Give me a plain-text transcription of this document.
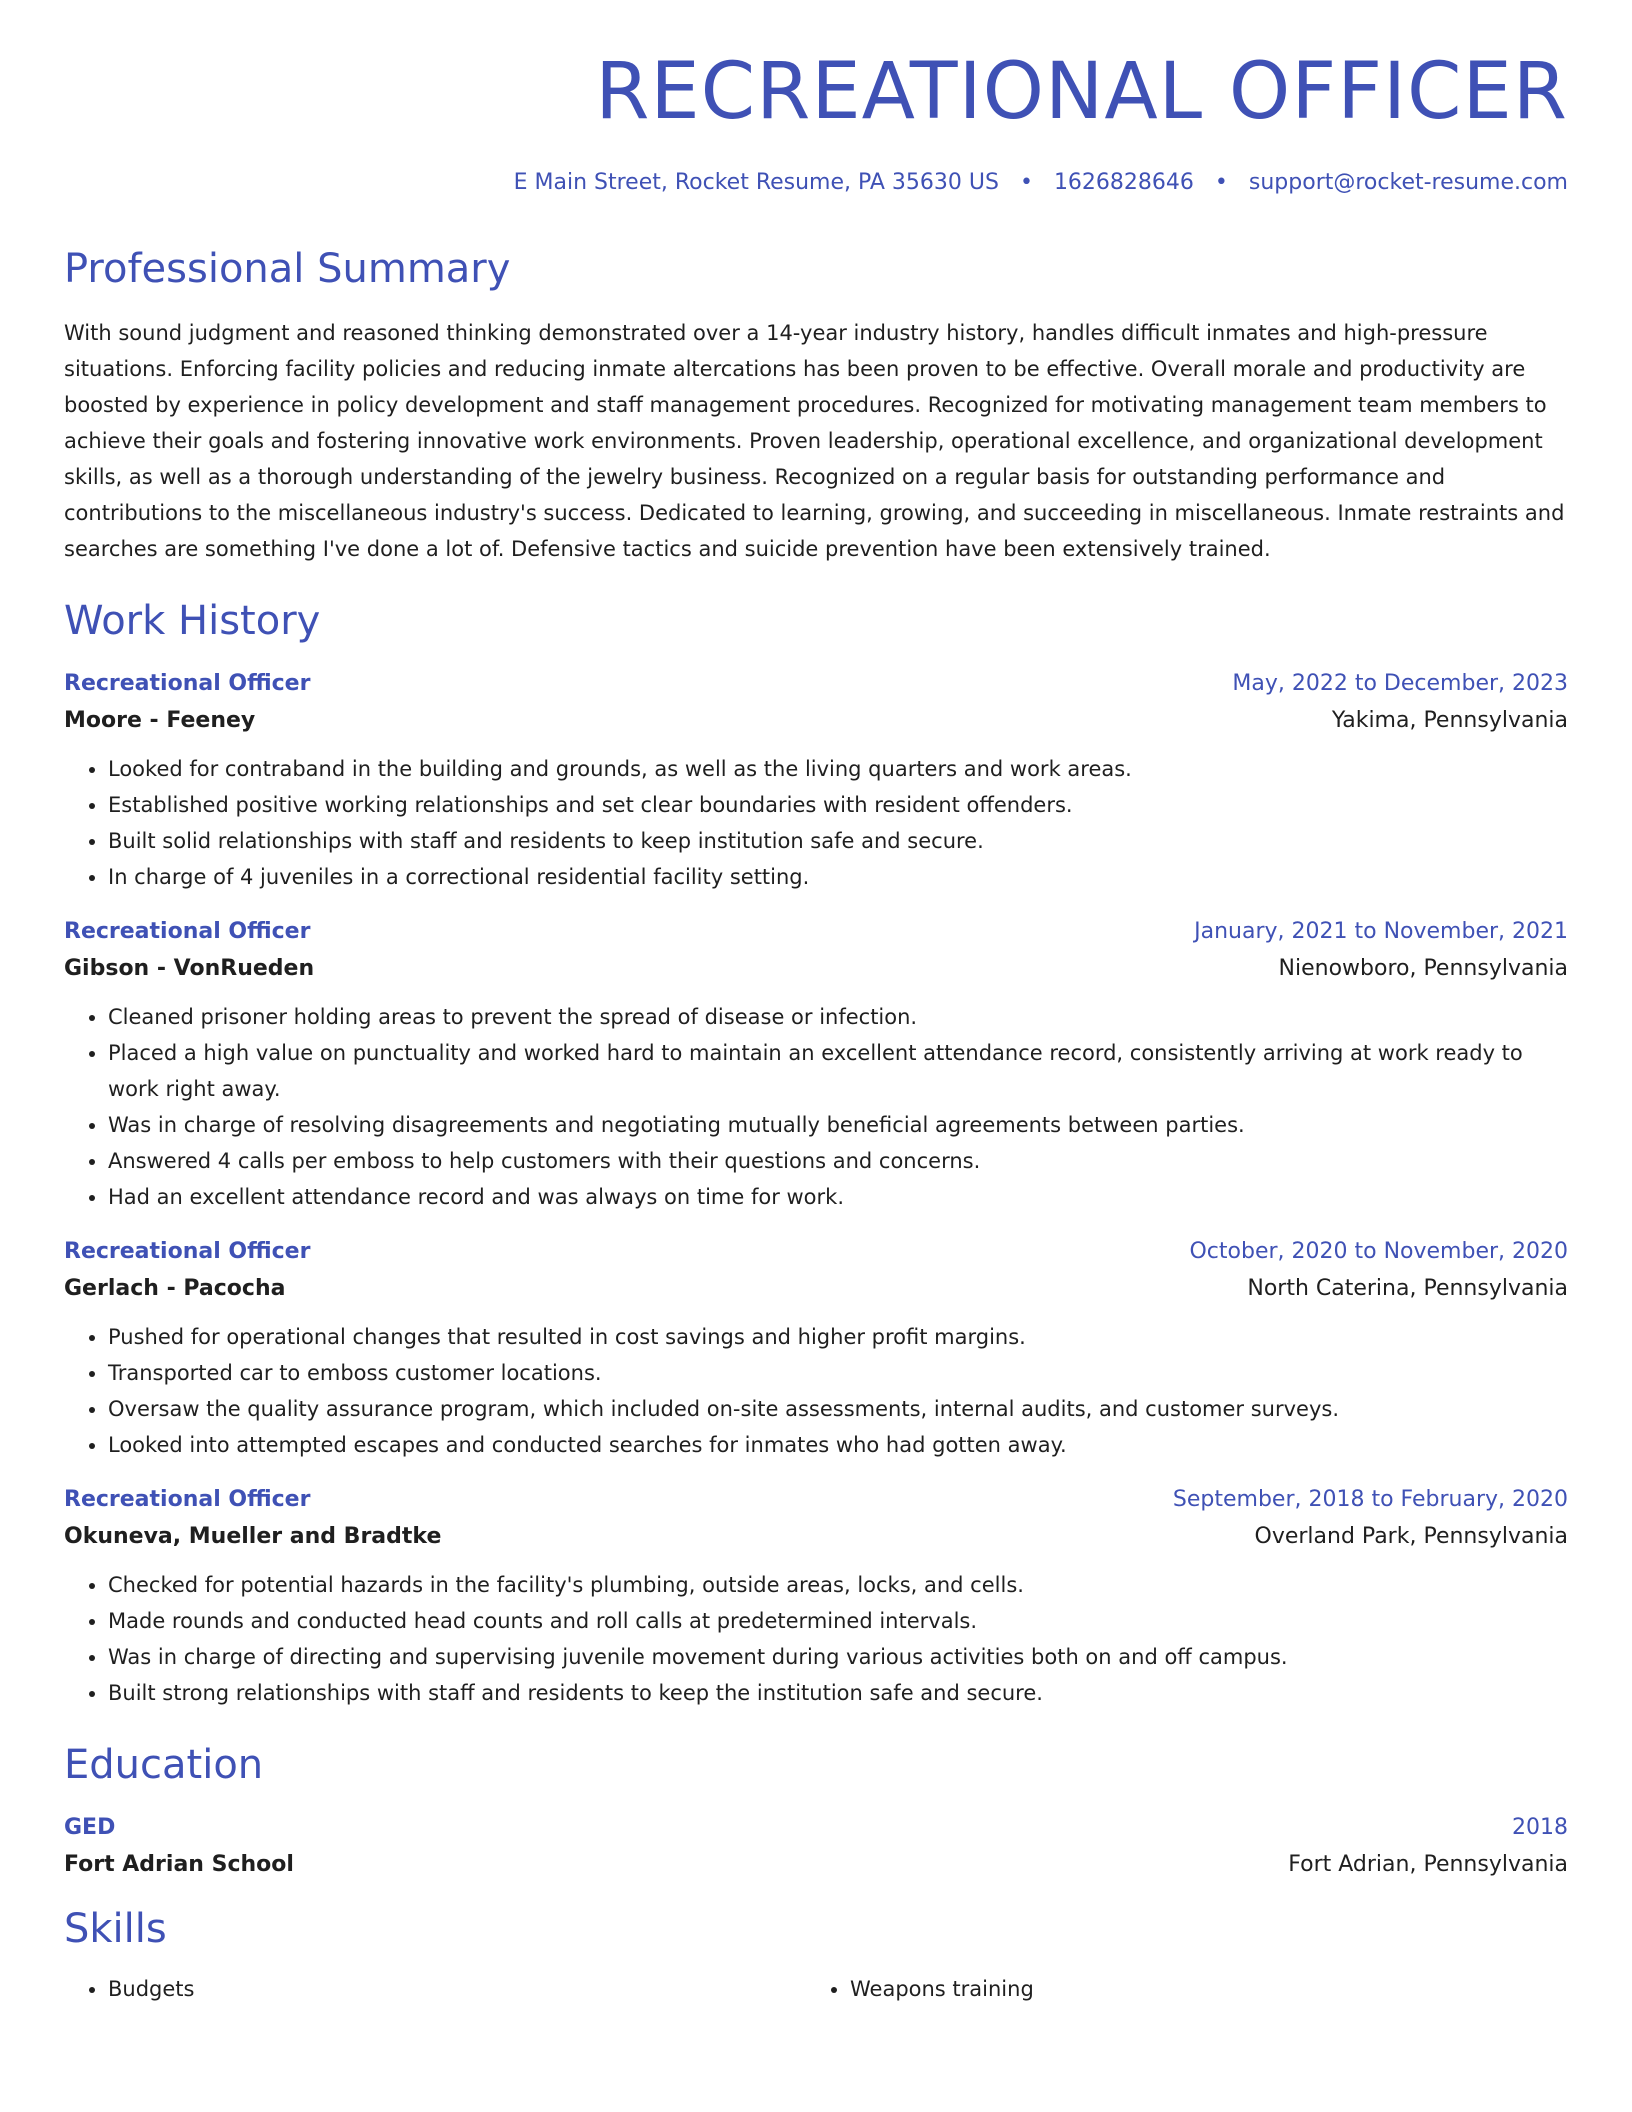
RECREATIONAL OFFICER
E Main Street, Rocket Resume, PA 35630 US • 1626828646 • support@rocket-resume.com
Professional Summary
With sound judgment and reasoned thinking demonstrated over a 14-year industry history, handles difficult inmates and high-pressure situations. Enforcing facility policies and reducing inmate altercations has been proven to be effective. Overall morale and productivity are boosted by experience in policy development and staff management procedures. Recognized for motivating management team members to achieve their goals and fostering innovative work environments. Proven leadership, operational excellence, and organizational development skills, as well as a thorough understanding of the jewelry business. Recognized on a regular basis for outstanding performance and contributions to the miscellaneous industry's success. Dedicated to learning, growing, and succeeding in miscellaneous. Inmate restraints and searches are something I've done a lot of. Defensive tactics and suicide prevention have been extensively trained.
Work History
Recreational Officer	May, 2022 to December, 2023
Moore - Feeney	Yakima, Pennsylvania
• Looked for contraband in the building and grounds, as well as the living quarters and work areas.
• Established positive working relationships and set clear boundaries with resident offenders.
• Built solid relationships with staff and residents to keep institution safe and secure.
• In charge of 4 juveniles in a correctional residential facility setting.
Recreational Officer	January, 2021 to November, 2021
Gibson - VonRueden	Nienowboro, Pennsylvania
• Cleaned prisoner holding areas to prevent the spread of disease or infection.
• Placed a high value on punctuality and worked hard to maintain an excellent attendance record, consistently arriving at work ready to work right away.
• Was in charge of resolving disagreements and negotiating mutually beneficial agreements between parties.
• Answered 4 calls per emboss to help customers with their questions and concerns.
• Had an excellent attendance record and was always on time for work.
Recreational Officer	October, 2020 to November, 2020
Gerlach - Pacocha	North Caterina, Pennsylvania
• Pushed for operational changes that resulted in cost savings and higher profit margins.
• Transported car to emboss customer locations.
• Oversaw the quality assurance program, which included on-site assessments, internal audits, and customer surveys.
• Looked into attempted escapes and conducted searches for inmates who had gotten away.
Recreational Officer	September, 2018 to February, 2020
Okuneva, Mueller and Bradtke	Overland Park, Pennsylvania
• Checked for potential hazards in the facility's plumbing, outside areas, locks, and cells.
• Made rounds and conducted head counts and roll calls at predetermined intervals.
• Was in charge of directing and supervising juvenile movement during various activities both on and off campus.
• Built strong relationships with staff and residents to keep the institution safe and secure.
Education
GED	2018
Fort Adrian School	Fort Adrian, Pennsylvania
Skills
• Budgets
•	Weapons training
